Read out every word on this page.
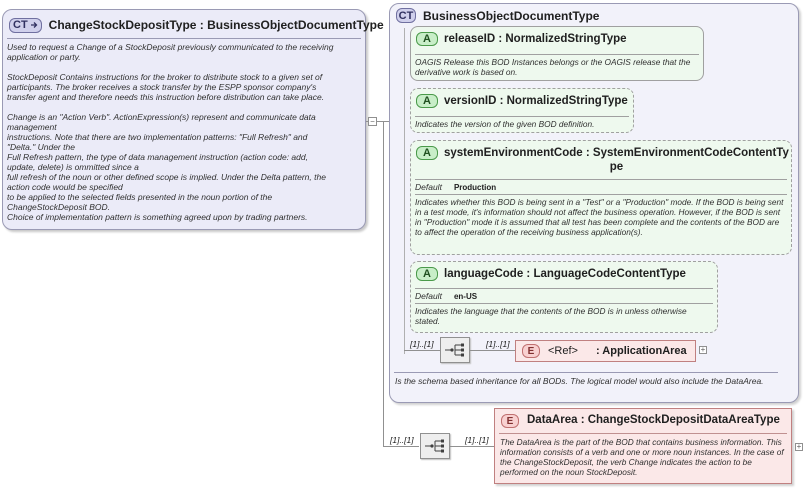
CT ChangeStockDepositType : BusinessObjectDocumentType
Used to request a Change of a StockDeposit previously communicated to the receiving
application or party.
StockDeposit Contains instructions for the broker to distribute stock to a given set of
participants. The broker receives a stock transfer by the ESPP sponsor company's
transfer agent and therefore needs this instruction before distribution can take place.
Change is an "Action Verb". ActionExpression(s) represent and communicate data
management
instructions. Note that there are two implementation patterns: "Full Refresh" and
"Delta." Under the
Full Refresh pattern, the type of data management instruction (action code: add,
update, delete) is ommitted since a
full refresh of the noun or other defined scope is implied. Under the Delta pattern, the
action code would be specified
to be applied to the selected fields presented in the noun portion of the
ChangeStockDeposit BOD.
Choice of implementation pattern is something agreed upon by trading partners.
−
CT BusinessObjectDocumentType
A	releaseID : NormalizedStringType
OAGIS Release this BOD Instances belongs or the OAGIS release that the derivative work is based on.
A	versionID : NormalizedStringType
Indicates the version of the given BOD definition.
A	systemEnvironmentCode : SystemEnvironmentCodeContentTy
pe
Default Production
Indicates whether this BOD is being sent in a "Test" or a "Production" mode. If the BOD is being sent in a test mode, it's information should not affect the business operation. However, if the BOD is sent in "Production" mode it is assumed that all test has been complete and the contents of the BOD are to affect the operation of the receiving business application(s).
A	languageCode : LanguageCodeContentType
Default en-US
Indicates the language that the contents of the BOD is in unless otherwise stated.
[1]..[1]	[1]..[1]
E	<Ref> : ApplicationArea +
Is the schema based inheritance for all BODs. The logical model would also include the DataArea.
[1]..[1]	[1]..[1]
E	DataArea : ChangeStockDepositDataAreaType
The DataArea is the part of the BOD that contains business information. This information consists of a verb and one or more noun instances. In the case of the ChangeStockDeposit, the verb Change indicates the action to be performed on the noun StockDeposit.
+
